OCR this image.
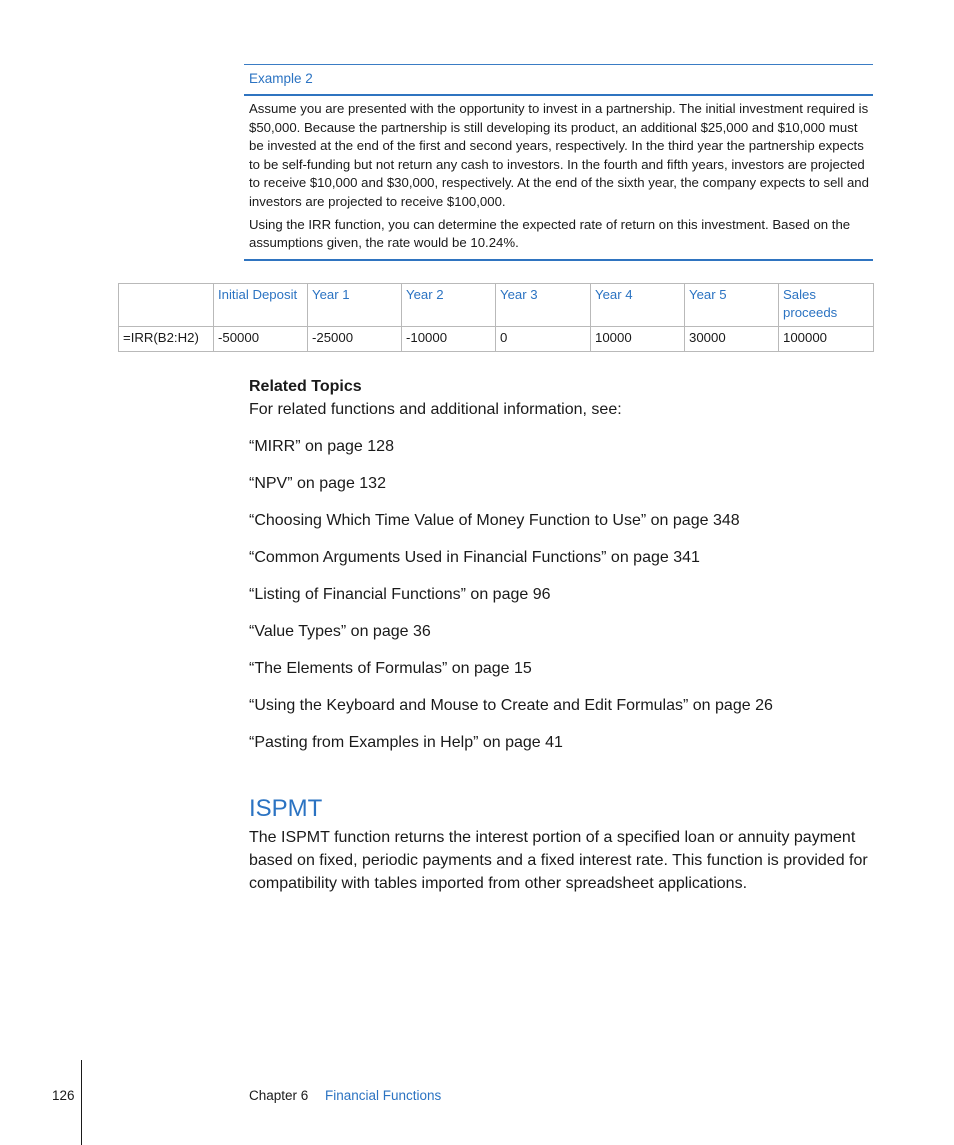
Example 2

Assume you are presented with the opportunity to invest in a partnership. The initial investment required is $50,000. Because the partnership is still developing its product, an additional $25,000 and $10,000 must be invested at the end of the first and second years, respectively. In the third year the partnership expects to be self-funding but not return any cash to investors. In the fourth and fifth years, investors are projected to receive $10,000 and $30,000, respectively. At the end of the sixth year, the company expects to sell and investors are projected to receive $100,000.

Using the IRR function, you can determine the expected rate of return on this investment. Based on the assumptions given, the rate would be 10.24%.

	Initial Deposit	Year 1	Year 2	Year 3	Year 4	Year 5	Sales proceeds
=IRR(B2:H2)	-50000	-25000	-10000	0	10000	30000	100000

Related Topics

For related functions and additional information, see:

“MIRR” on page 128
“NPV” on page 132
“Choosing Which Time Value of Money Function to Use” on page 348
“Common Arguments Used in Financial Functions” on page 341
“Listing of Financial Functions” on page 96
“Value Types” on page 36
“The Elements of Formulas” on page 15
“Using the Keyboard and Mouse to Create and Edit Formulas” on page 26
“Pasting from Examples in Help” on page 41
ISPMT

The ISPMT function returns the interest portion of a specified loan or annuity payment based on fixed, periodic payments and a fixed interest rate. This function is provided for compatibility with tables imported from other spreadsheet applications.

126	Chapter 6 Financial Functions
